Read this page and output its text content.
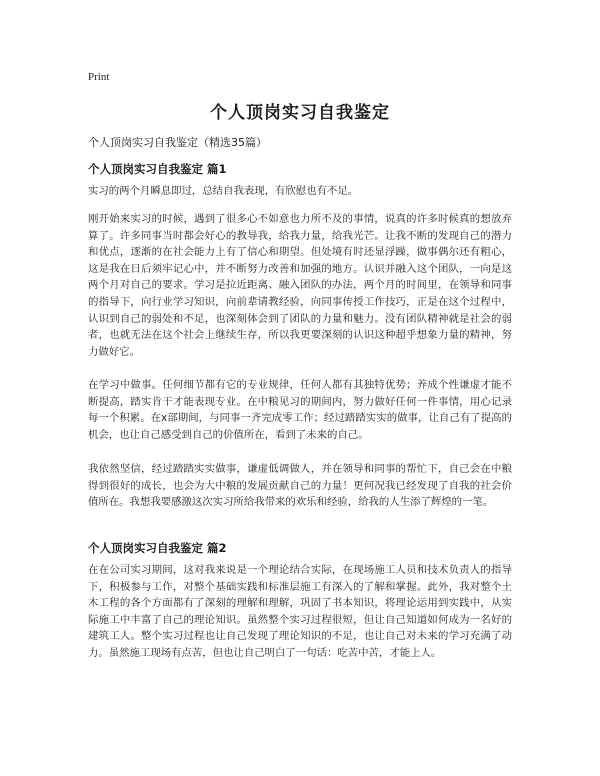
Print
个人顶岗实习自我鉴定
个人顶岗实习自我鉴定（精选35篇）
个人顶岗实习自我鉴定 篇1
实习的两个月瞬息即过，总结自我表现，有欣慰也有不足。
刚开始来实习的时候，遇到了很多心不如意也力所不及的事情，说真的许多时候真的想放弃算了。许多同事当时都会好心的教导我，给我力量，给我光芒。让我不断的发现自己的潜力和优点，逐渐的在社会能力上有了信心和期望。但处境有时还显浮躁，做事偶尔还有粗心，这是我在日后须牢记心中，并不断努力改善和加强的地方。认识并融入这个团队，一向是这两个月对自己的要求。学习是拉近距离、融入团队的办法，两个月的时间里，在领导和同事的指导下，向行业学习知识，向前辈请教经验，向同事传授工作技巧，正是在这个过程中，认识到自己的弱处和不足，也深刻体会到了团队的力量和魅力。没有团队精神就是社会的弱者，也就无法在这个社会上继续生存，所以我更要深刻的认识这种超乎想象力量的精神，努力做好它。
在学习中做事。任何细节都有它的专业规律，任何人都有其独特优势；养成个性谦虚才能不断提高，踏实肯干才能表现专业。在中粮见习的期间内，努力做好任何一件事情，用心记录每一个积累。在x部期间，与同事一齐完成零工作；经过踏踏实实的做事，让自己有了提高的机会，也让自己感受到自己的价值所在，看到了未来的自己。
我依然坚信，经过踏踏实实做事，谦虚低调做人，并在领导和同事的帮忙下，自己会在中粮得到很好的成长，也会为大中粮的发展贡献自己的力量！更何况我已经发现了自我的社会价值所在。我想我要感激这次实习所给我带来的欢乐和经验，给我的人生添了辉煌的一笔。
个人顶岗实习自我鉴定 篇2
在在公司实习期间，这对我来说是一个理论结合实际，在现场施工人员和技术负责人的指导下，积极参与工作，对整个基础实践和标准层施工有深入的了解和掌握。此外，我对整个土木工程的各个方面都有了深刻的理解和理解，巩固了书本知识，将理论运用到实践中，从实际施工中丰富了自己的理论知识。虽然整个实习过程很短，但让自己知道如何成为一名好的建筑工人。整个实习过程也让自己发现了理论知识的不足，也让自己对未来的学习充满了动力。虽然施工现场有点苦，但也让自己明白了一句话：吃苦中苦，才能上人。
